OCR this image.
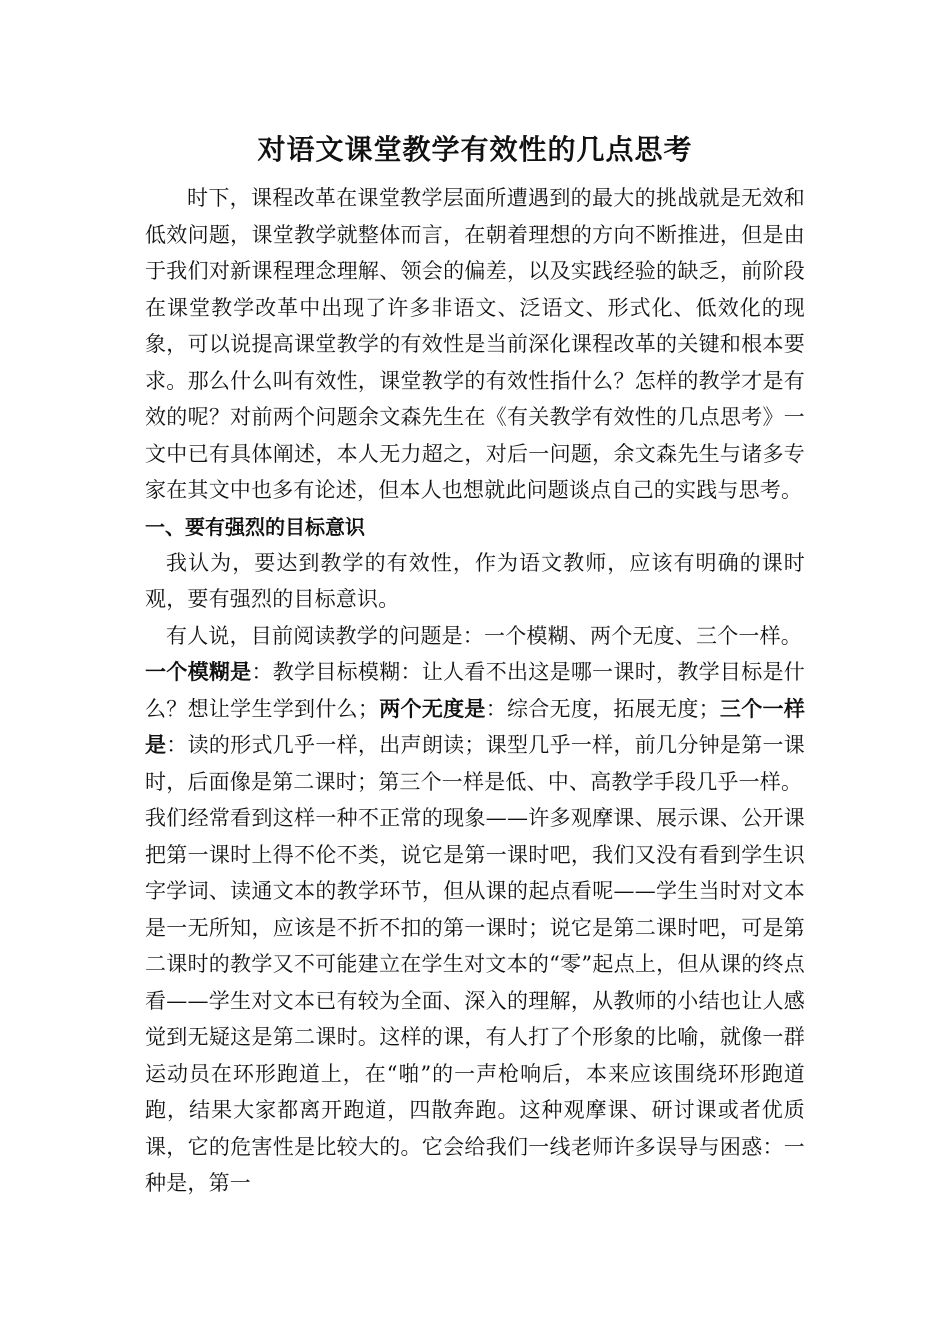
对语文课堂教学有效性的几点思考

时下，课程改革在课堂教学层面所遭遇到的最大的挑战就是无效和低效问题，课堂教学就整体而言，在朝着理想的方向不断推进，但是由于我们对新课程理念理解、领会的偏差，以及实践经验的缺乏，前阶段在课堂教学改革中出现了许多非语文、泛语文、形式化、低效化的现象，可以说提高课堂教学的有效性是当前深化课程改革的关键和根本要求。那么什么叫有效性，课堂教学的有效性指什么？怎样的教学才是有效的呢？对前两个问题余文森先生在《有关教学有效性的几点思考》一文中已有具体阐述，本人无力超之，对后一问题，余文森先生与诸多专家在其文中也多有论述，但本人也想就此问题谈点自己的实践与思考。

一、要有强烈的目标意识

我认为，要达到教学的有效性，作为语文教师，应该有明确的课时观，要有强烈的目标意识。

有人说，目前阅读教学的问题是：一个模糊、两个无度、三个一样。

一个模糊是：教学目标模糊：让人看不出这是哪一课时，教学目标是什么？想让学生学到什么；两个无度是：综合无度，拓展无度；三个一样是：读的形式几乎一样，出声朗读；课型几乎一样，前几分钟是第一课时，后面像是第二课时；第三个一样是低、中、高教学手段几乎一样。

我们经常看到这样一种不正常的现象——许多观摩课、展示课、公开课把第一课时上得不伦不类，说它是第一课时吧，我们又没有看到学生识字学词、读通文本的教学环节，但从课的起点看呢——学生当时对文本是一无所知，应该是不折不扣的第一课时；说它是第二课时吧，可是第二课时的教学又不可能建立在学生对文本的“零”起点上，但从课的终点看——学生对文本已有较为全面、深入的理解，从教师的小结也让人感觉到无疑这是第二课时。这样的课，有人打了个形象的比喻，就像一群运动员在环形跑道上，在“啪”的一声枪响后，本来应该围绕环形跑道跑，结果大家都离开跑道，四散奔跑。这种观摩课、研讨课或者优质课，它的危害性是比较大的。它会给我们一线老师许多误导与困惑：一种是，第一
